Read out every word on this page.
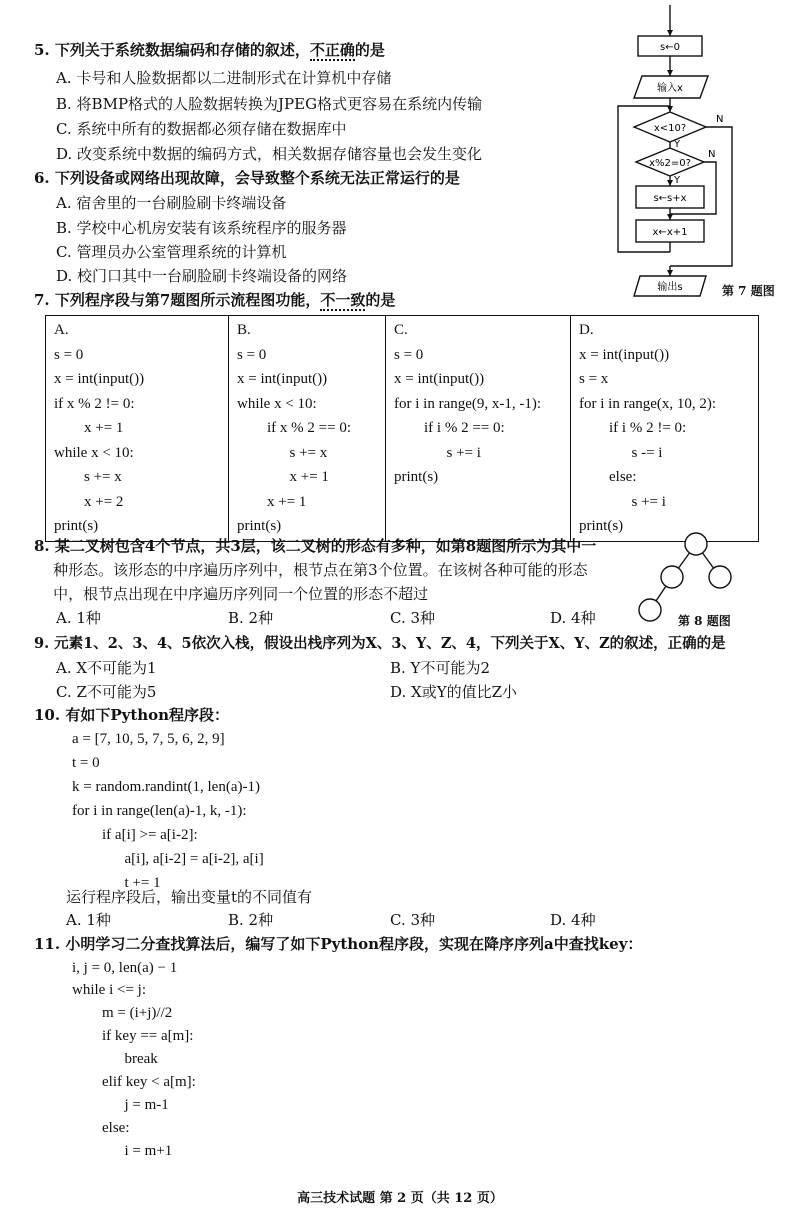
5. 下列关于系统数据编码和存储的叙述，不正确的是
A. 卡号和人脸数据都以二进制形式在计算机中存储
B. 将BMP格式的人脸数据转换为JPEG格式更容易在系统内传输
C. 系统中所有的数据都必须存储在数据库中
D. 改变系统中数据的编码方式，相关数据存储容量也会发生变化
6. 下列设备或网络出现故障，会导致整个系统无法正常运行的是
A. 宿舍里的一台刷脸刷卡终端设备
B. 学校中心机房安装有该系统程序的服务器
C. 管理员办公室管理系统的计算机
D. 校门口其中一台刷脸刷卡终端设备的网络
7. 下列程序段与第7题图所示流程图功能，不一致的是
s←0
输入x
x<10?
x%2=0?
s←s+x
x←x+1
输出s
Y
Y
N
N
第 7 题图
A.
s = 0
x = int(input())
if x % 2 != 0:
x += 1
while x < 10:
s += x
x += 2
print(s)

B.
s = 0
x = int(input())
while x < 10:
if x % 2 == 0:
s += x
x += 1
x += 1
print(s)

C.
s = 0
x = int(input())
for i in range(9, x-1, -1):
if i % 2 == 0:
s += i
print(s)

D.
x = int(input())
s = x
for i in range(x, 10, 2):
if i % 2 != 0:
s -= i
else:
s += i
print(s)
8. 某二叉树包含4个节点，共3层，该二叉树的形态有多种，如第8题图所示为其中一
种形态。该形态的中序遍历序列中，根节点在第3个位置。在该树各种可能的形态
中，根节点出现在中序遍历序列同一个位置的形态不超过
A. 1种	B. 2种	C. 3种	D. 4种	第 8 题图
9. 元素1、2、3、4、5依次入栈，假设出栈序列为X、3、Y、Z、4，下列关于X、Y、Z的叙述，正确的是
A. X不可能为1	B. Y不可能为2
C. Z不可能为5	D. X或Y的值比Z小
10. 有如下Python程序段：
a = [7, 10, 5, 7, 5, 6, 2, 9]
t = 0
k = random.randint(1, len(a)-1)
for i in range(len(a)-1, k, -1):
if a[i] >= a[i-2]:
a[i], a[i-2] = a[i-2], a[i]
t += 1
运行程序段后，输出变量t的不同值有
A. 1种	B. 2种	C. 3种	D. 4种
11. 小明学习二分查找算法后，编写了如下Python程序段，实现在降序序列a中查找key：
i, j = 0, len(a) − 1
while i <= j:
m = (i+j)//2
if key == a[m]:
break
elif key < a[m]:
j = m-1
else:
i = m+1
高三技术试题 第 2 页（共 12 页）
